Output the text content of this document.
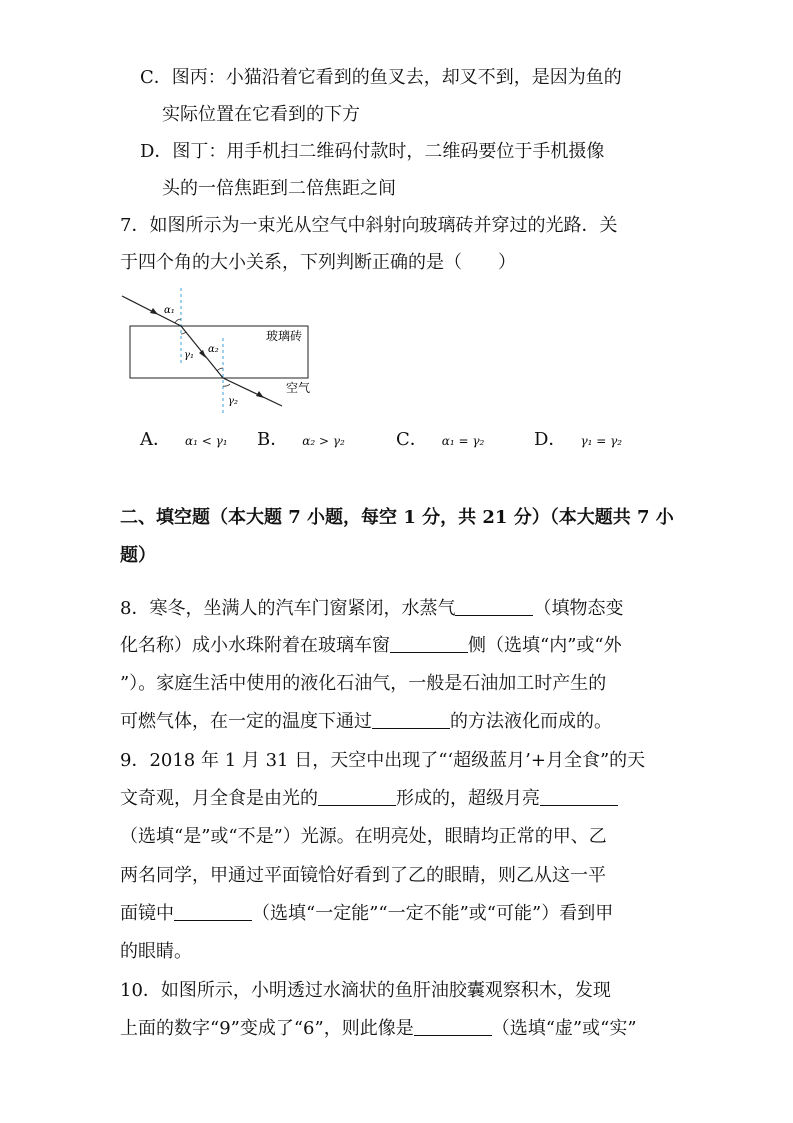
C．图丙：小猫沿着它看到的鱼叉去，却叉不到，是因为鱼的
实际位置在它看到的下方
D．图丁：用手机扫二维码付款时，二维码要位于手机摄像
头的一倍焦距到二倍焦距之间
7．如图所示为一束光从空气中斜射向玻璃砖并穿过的光路．关
于四个角的大小关系，下列判断正确的是（　　）
α₁
γ₁
α₂
γ₂
玻璃砖
空气
A． α₁ < γ₁ B． α₂ > γ₂	C． α₁ = γ₂	D． γ₁ = γ₂
二、填空题（本大题 7 小题，每空 1 分，共 21 分）（本大题共 7 小
题）
8．寒冬，坐满人的汽车门窗紧闭，水蒸气	（填物态变
化名称）成小水珠附着在玻璃车窗	侧（选填“内”或“外
”）。家庭生活中使用的液化石油气，一般是石油加工时产生的
可燃气体，在一定的温度下通过	的方法液化而成的。
9．2018 年 1 月 31 日，天空中出现了“‘超级蓝月’+月全食”的天
文奇观，月全食是由光的	形成的，超级月亮
（选填“是”或“不是”）光源。在明亮处，眼睛均正常的甲、乙
两名同学，甲通过平面镜恰好看到了乙的眼睛，则乙从这一平
面镜中	（选填“一定能”“一定不能”或“可能”）看到甲
的眼睛。
10．如图所示，小明透过水滴状的鱼肝油胶囊观察积木，发现
上面的数字“9”变成了“6”，则此像是	（选填“虚”或“实”
